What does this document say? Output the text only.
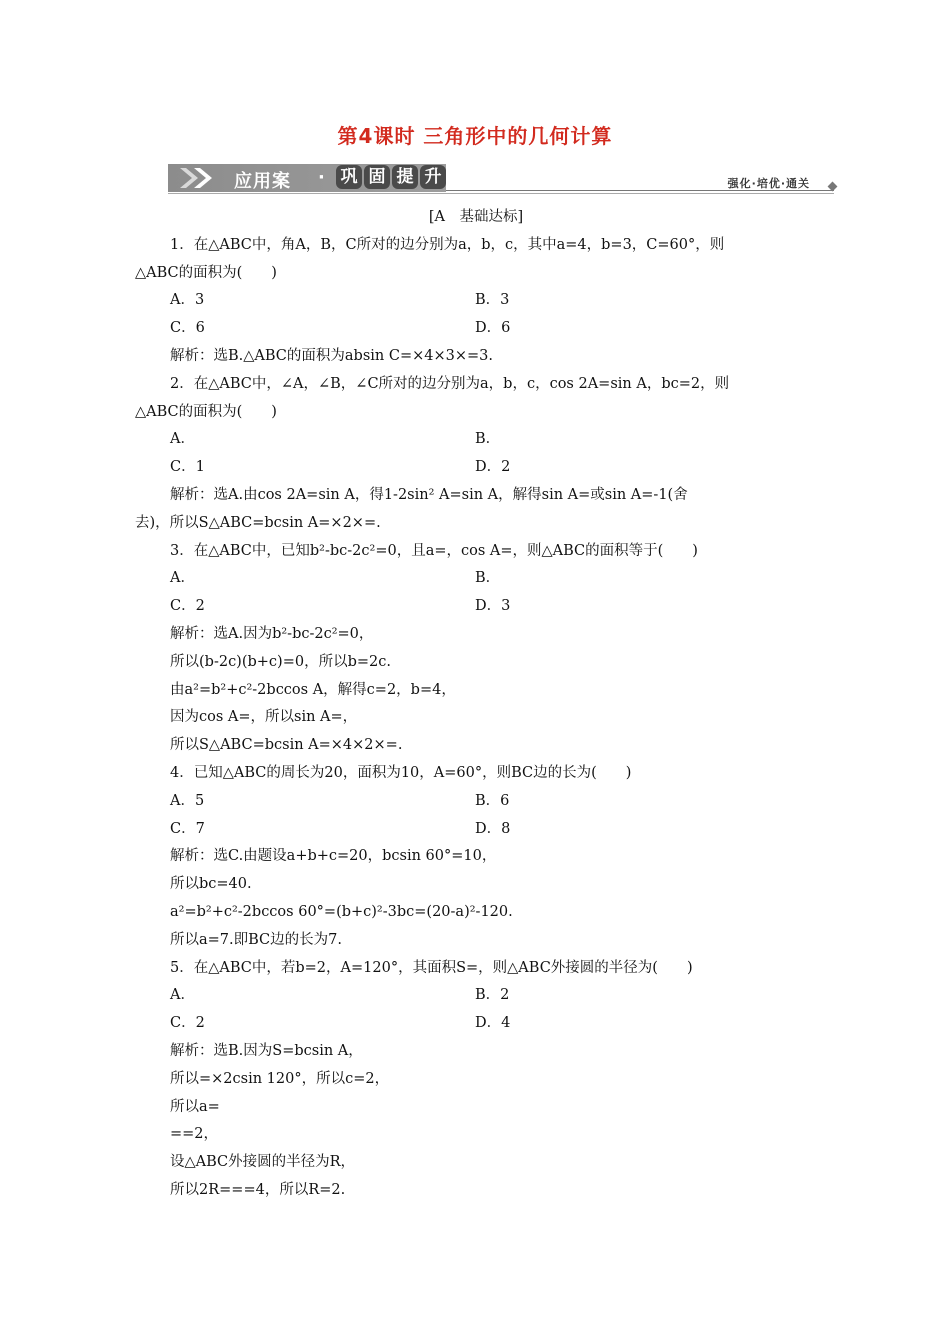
第4课时 三角形中的几何计算
应用案 · 巩 固 提 升	强化·培优·通关
[A　基础达标]
1．在△ABC中，角A，B，C所对的边分别为a，b，c，其中a=4，b=3，C=60°，则
△ABC的面积为(　　)
A．3	B．3
C．6	D．6
解析：选B.△ABC的面积为absin C=×4×3×=3.
2．在△ABC中，∠A，∠B，∠C所对的边分别为a，b，c，cos 2A=sin A，bc=2，则
△ABC的面积为(　　)
A．	B．
C．1	D．2
解析：选A.由cos 2A=sin A，得1-2sin² A=sin A，解得sin A=或sin A=-1(舍
去)，所以S△ABC=bcsin A=×2×=.
3．在△ABC中，已知b²-bc-2c²=0，且a=，cos A=，则△ABC的面积等于(　　)
A．	B．
C．2	D．3
解析：选A.因为b²-bc-2c²=0，
所以(b-2c)(b+c)=0，所以b=2c.
由a²=b²+c²-2bccos A，解得c=2，b=4，
因为cos A=，所以sin A=，
所以S△ABC=bcsin A=×4×2×=.
4．已知△ABC的周长为20，面积为10，A=60°，则BC边的长为(　　)
A．5	B．6
C．7	D．8
解析：选C.由题设a+b+c=20，bcsin 60°=10，
所以bc=40.
a²=b²+c²-2bccos 60°=(b+c)²-3bc=(20-a)²-120.
所以a=7.即BC边的长为7.
5．在△ABC中，若b=2，A=120°，其面积S=，则△ABC外接圆的半径为(　　)
A．	B．2
C．2	D．4
解析：选B.因为S=bcsin A，
所以=×2csin 120°，所以c=2，
所以a=
==2，
设△ABC外接圆的半径为R，
所以2R===4，所以R=2.
